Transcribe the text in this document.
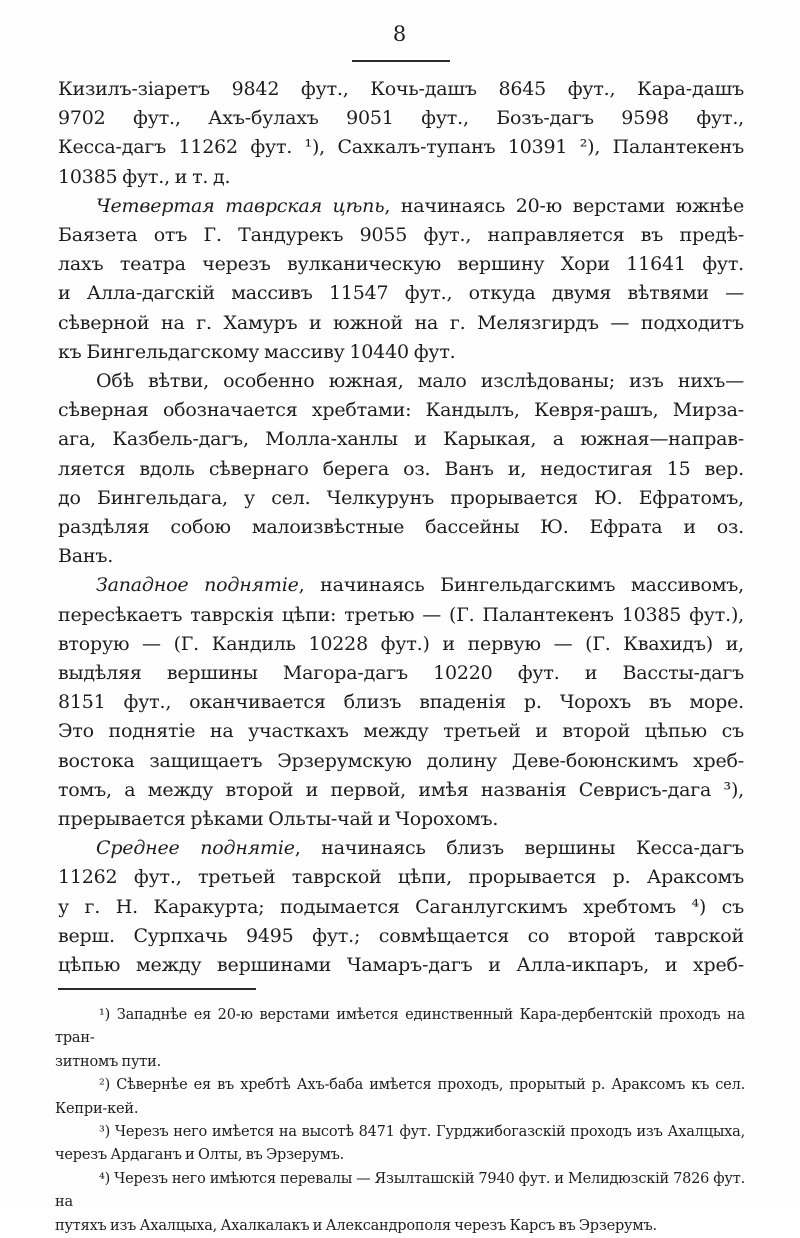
8
Кизилъ-зіаретъ 9842 фут., Кочь-дашъ 8645 фут., Кара-дашъ
9702 фут., Ахъ-булахъ 9051 фут., Бозъ-дагъ 9598 фут.,
Кесса-дагъ 11262 фут. ¹), Сахкалъ-тупанъ 10391 ²), Палантекенъ
10385 фут., и т. д.
Четвертая таврская цѣпь, начинаясь 20-ю верстами южнѣе
Баязета отъ Г. Тандурекъ 9055 фут., направляется въ предѣ-
лахъ театра черезъ вулканическую вершину Хори 11641 фут.
и Алла-дагскій массивъ 11547 фут., откуда двумя вѣтвями —
сѣверной на г. Хамуръ и южной на г. Мелязгирдъ — подходитъ
къ Бингельдагскому массиву 10440 фут.
Обѣ вѣтви, особенно южная, мало изслѣдованы; изъ нихъ—
сѣверная обозначается хребтами: Кандылъ, Кевря-рашъ, Мирза-
ага, Казбель-дагъ, Молла-ханлы и Карыкая, а южная—направ-
ляется вдоль сѣвернаго берега оз. Ванъ и, недостигая 15 вер.
до Бингельдага, у сел. Челкурунъ прорывается Ю. Ефратомъ,
раздѣляя собою малоизвѣстные бассейны Ю. Ефрата и оз.
Ванъ.
Западное поднятіе, начинаясь Бингельдагскимъ массивомъ,
пересѣкаетъ таврскія цѣпи: третью — (Г. Палантекенъ 10385 фут.),
вторую — (Г. Кандиль 10228 фут.) и первую — (Г. Квахидъ) и,
выдѣляя вершины Магора-дагъ 10220 фут. и Вассты-дагъ
8151 фут., оканчивается близъ впаденія р. Чорохъ въ море.
Это поднятіе на участкахъ между третьей и второй цѣпью съ
востока защищаетъ Эрзерумскую долину Деве-боюнскимъ хреб-
томъ, а между второй и первой, имѣя названія Севрисъ-дага ³),
прерывается рѣками Ольты-чай и Чорохомъ.
Среднее поднятіе, начинаясь близъ вершины Кесса-дагъ
11262 фут., третьей таврской цѣпи, прорывается р. Араксомъ
у г. Н. Каракурта; подымается Саганлугскимъ хребтомъ ⁴) съ
верш. Сурпхачь 9495 фут.; совмѣщается со второй таврской
цѣпью между вершинами Чамаръ-дагъ и Алла-икпаръ, и хреб-
¹) Западнѣе ея 20-ю верстами имѣется единственный Кара-дербентскій проходъ на тран-
зитномъ пути.
²) Сѣвернѣе ея въ хребтѣ Ахъ-баба имѣется проходъ, прорытый р. Араксомъ къ сел.
Кепри-кей.
³) Черезъ него имѣется на высотѣ 8471 фут. Гурджибогазскій проходъ изъ Ахалцыха,
черезъ Ардаганъ и Олты, въ Эрзерумъ.
⁴) Черезъ него имѣются перевалы — Язылташскій 7940 фут. и Мелидюзскій 7826 фут. на
путяхъ изъ Ахалцыха, Ахалкалакъ и Александрополя черезъ Карсъ въ Эрзерумъ.
